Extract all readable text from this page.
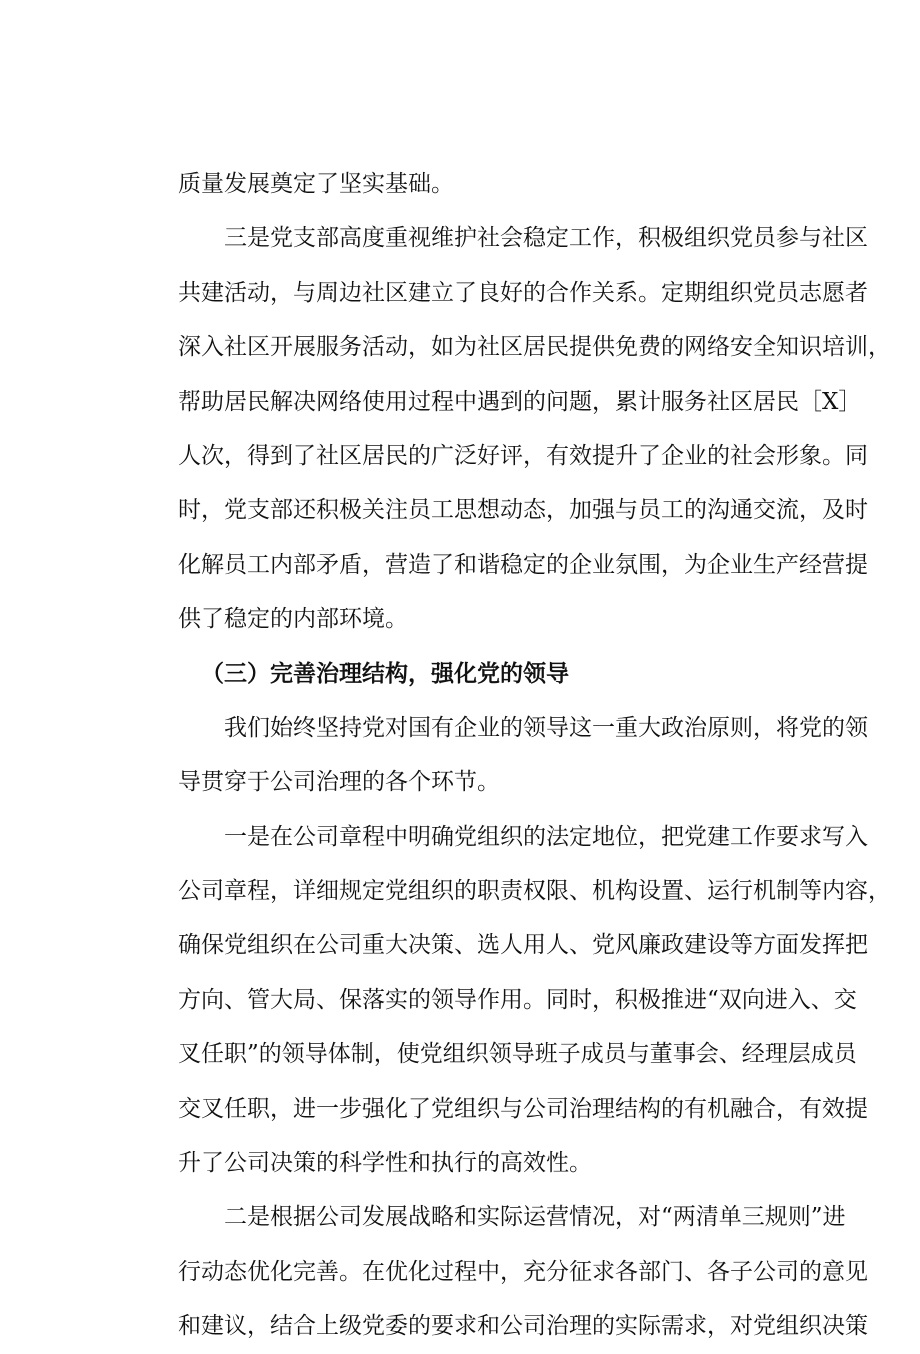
质量发展奠定了坚实基础。
三是党支部高度重视维护社会稳定工作，积极组织党员参与社区
共建活动，与周边社区建立了良好的合作关系。定期组织党员志愿者
深入社区开展服务活动，如为社区居民提供免费的网络安全知识培训，
帮助居民解决网络使用过程中遇到的问题，累计服务社区居民［X］
人次，得到了社区居民的广泛好评，有效提升了企业的社会形象。同
时，党支部还积极关注员工思想动态，加强与员工的沟通交流，及时
化解员工内部矛盾，营造了和谐稳定的企业氛围，为企业生产经营提
供了稳定的内部环境。
（三）完善治理结构，强化党的领导
我们始终坚持党对国有企业的领导这一重大政治原则，将党的领
导贯穿于公司治理的各个环节。
一是在公司章程中明确党组织的法定地位，把党建工作要求写入
公司章程，详细规定党组织的职责权限、机构设置、运行机制等内容，
确保党组织在公司重大决策、选人用人、党风廉政建设等方面发挥把
方向、管大局、保落实的领导作用。同时，积极推进“双向进入、交
叉任职”的领导体制，使党组织领导班子成员与董事会、经理层成员
交叉任职，进一步强化了党组织与公司治理结构的有机融合，有效提
升了公司决策的科学性和执行的高效性。
二是根据公司发展战略和实际运营情况，对“两清单三规则”进
行动态优化完善。在优化过程中，充分征求各部门、各子公司的意见
和建议，结合上级党委的要求和公司治理的实际需求，对党组织决策
